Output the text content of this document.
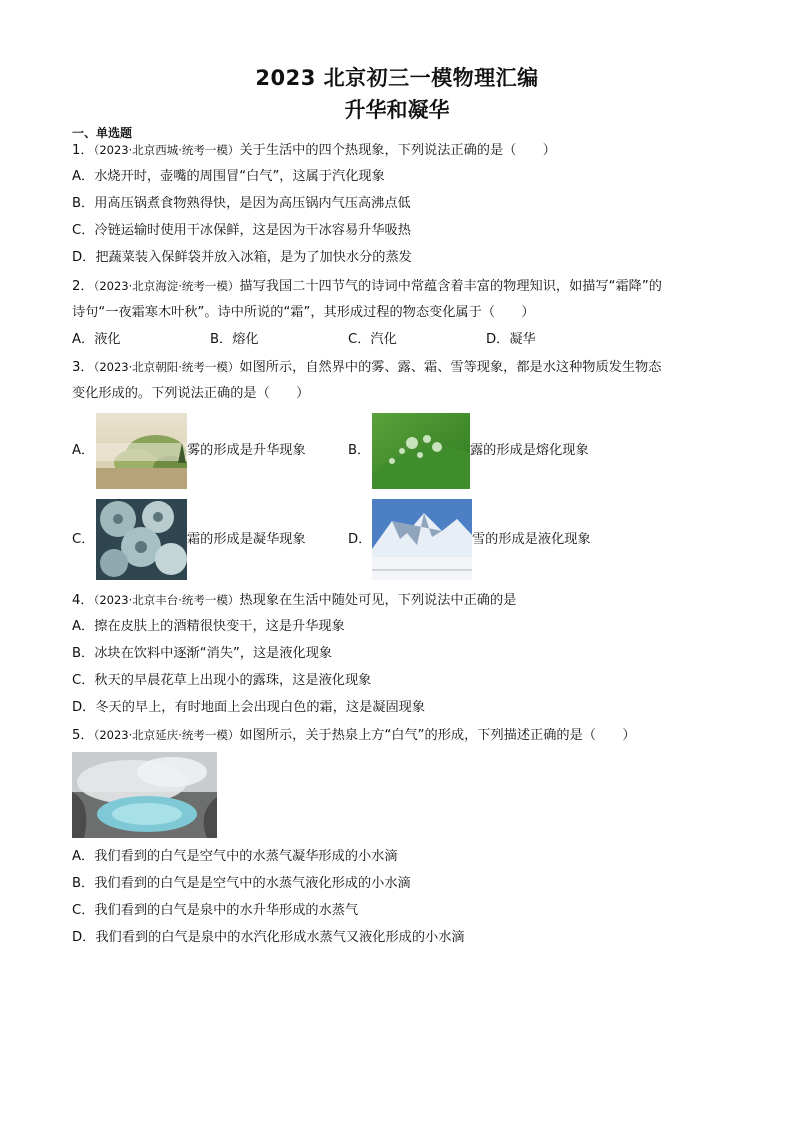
2023 北京初三一模物理汇编
升华和凝华
一、单选题
1．（2023·北京西城·统考一模）关于生活中的四个热现象，下列说法正确的是（　　）
A．水烧开时，壶嘴的周围冒“白气”，这属于汽化现象
B．用高压锅煮食物熟得快，是因为高压锅内气压高沸点低
C．冷链运输时使用干冰保鲜，这是因为干冰容易升华吸热
D．把蔬菜装入保鲜袋并放入冰箱，是为了加快水分的蒸发
2．（2023·北京海淀·统考一模）描写我国二十四节气的诗词中常蕴含着丰富的物理知识，如描写“霜降”的
诗句“一夜霜寒木叶秋”。诗中所说的“霜”，其形成过程的物态变化属于（　　）
A．液化	B．熔化	C．汽化	D．凝华
3．（2023·北京朝阳·统考一模）如图所示，自然界中的雾、露、霜、雪等现象，都是水这种物质发生物态
变化形成的。下列说法正确的是（　　）
A．	雾的形成是升华现象	B．	露的形成是熔化现象
C．	霜的形成是凝华现象	D．	雪的形成是液化现象
4．（2023·北京丰台·统考一模）热现象在生活中随处可见，下列说法中正确的是
A．擦在皮肤上的酒精很快变干，这是升华现象
B．冰块在饮料中逐渐“消失”，这是液化现象
C．秋天的早晨花草上出现小的露珠，这是液化现象
D．冬天的早上，有时地面上会出现白色的霜，这是凝固现象
5．（2023·北京延庆·统考一模）如图所示，关于热泉上方“白气”的形成，下列描述正确的是（　　）
A．我们看到的白气是空气中的水蒸气凝华形成的小水滴
B．我们看到的白气是是空气中的水蒸气液化形成的小水滴
C．我们看到的白气是泉中的水升华形成的水蒸气
D．我们看到的白气是泉中的水汽化形成水蒸气又液化形成的小水滴
